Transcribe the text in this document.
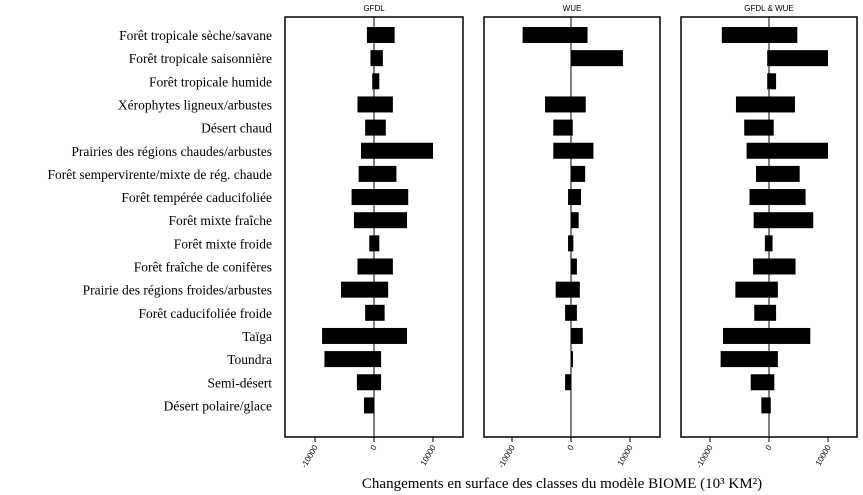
Forêt tropicale sèche/savane
Forêt tropicale saisonnière
Forêt tropicale humide
Xérophytes ligneux/arbustes
Désert chaud
Prairies des régions chaudes/arbustes
Forêt sempervirente/mixte de rég. chaude
Forêt tempérée caducifoliée
Forêt mixte fraîche
Forêt mixte froide
Forêt fraîche de conifères
Prairie des régions froides/arbustes
Forêt caducifoliée froide
Taïga
Toundra
Semi-désert
Désert polaire/glace
GFDL
-10000	0	10000
WUE
-10000	0	10000
GFDL & WUE
-10000	0	10000
Changements en surface des classes du modèle BIOME (10³ KM²)
